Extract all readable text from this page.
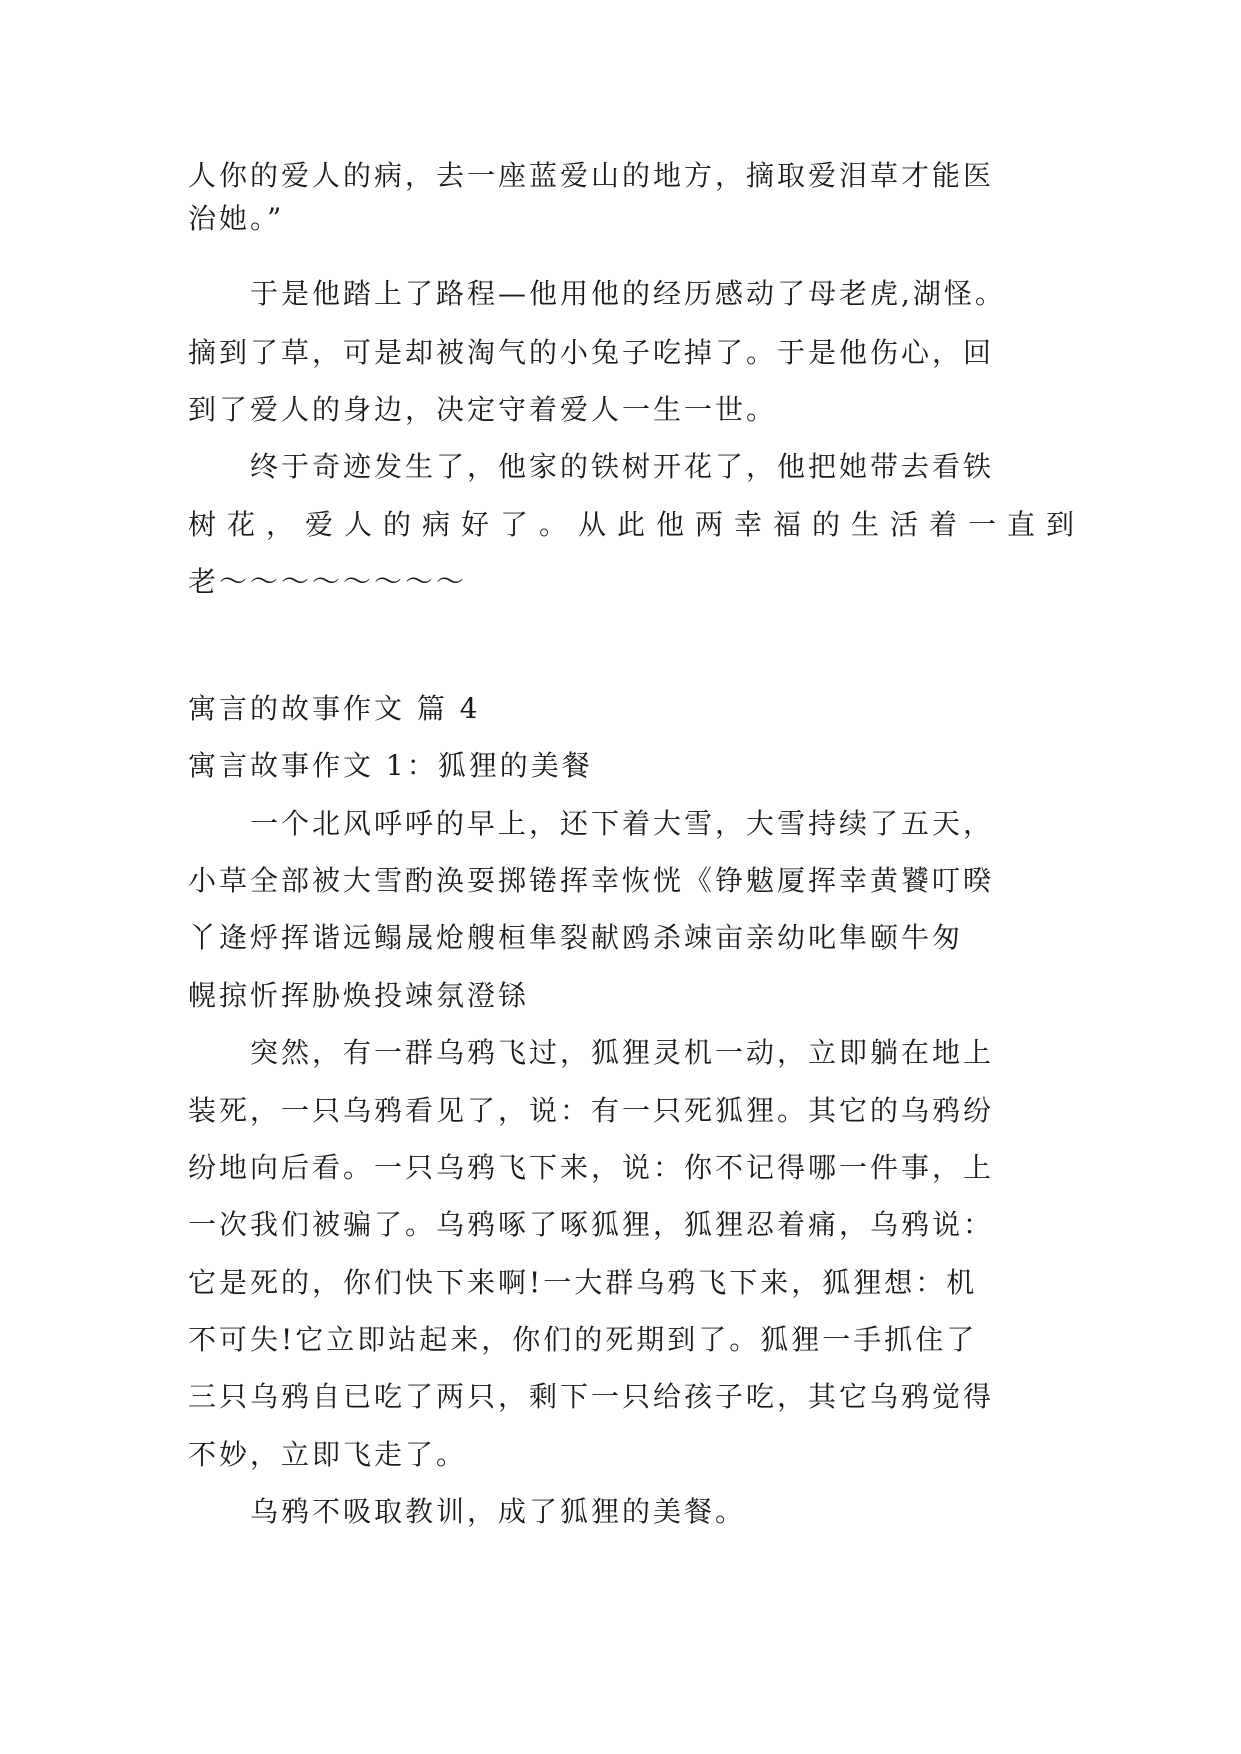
人你的爱人的病，去一座蓝爱山的地方，摘取爱泪草才能医
治她。”
于是他踏上了路程—他用他的经历感动了母老虎,湖怪。
摘到了草，可是却被淘气的小兔子吃掉了。于是他伤心，回
到了爱人的身边，决定守着爱人一生一世。
终于奇迹发生了，他家的铁树开花了，他把她带去看铁
树花，爱人的病好了。从此他两幸福的生活着一直到
老～～～～～～～～
寓言的故事作文 篇 4
寓言故事作文 1：狐狸的美餐
一个北风呼呼的早上，还下着大雪，大雪持续了五天，
小草全部被大雪酌涣耍掷锩挥幸恢恍《铮魃厦挥幸黄饕叮暌
丫逄烀挥谐远鳎晟炝艘桓隼裂献鸥杀竦亩亲幼叱隼颐牛匆
幌掠忻挥胁焕投竦氛澄铩
突然，有一群乌鸦飞过，狐狸灵机一动，立即躺在地上
装死，一只乌鸦看见了，说：有一只死狐狸。其它的乌鸦纷
纷地向后看。一只乌鸦飞下来，说：你不记得哪一件事，上
一次我们被骗了。乌鸦啄了啄狐狸，狐狸忍着痛，乌鸦说：
它是死的，你们快下来啊!一大群乌鸦飞下来，狐狸想：机
不可失!它立即站起来，你们的死期到了。狐狸一手抓住了
三只乌鸦自已吃了两只，剩下一只给孩子吃，其它乌鸦觉得
不妙，立即飞走了。
乌鸦不吸取教训，成了狐狸的美餐。
